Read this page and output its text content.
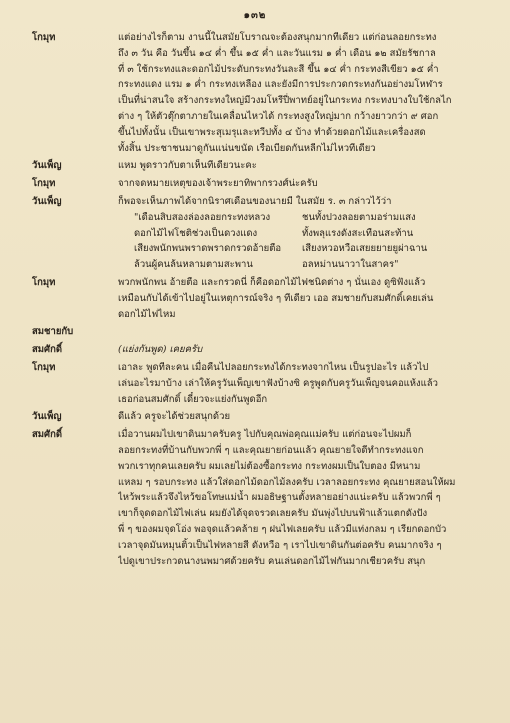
๑๓๒
โกมุท	แต่อย่างไรก็ตาม งานนี้ในสมัยโบราณจะต้องสนุกมากทีเดียว แต่ก่อนลอยกระทง
ถึง ๓ วัน คือ วันขึ้น ๑๔ ค่ำ ขึ้น ๑๕ ค่ำ และวันแรม ๑ ค่ำ เดือน ๑๒ สมัยรัชกาล
ที่ ๓ ใช้กระทงและดอกไม้ประดับกระทงวันละสี ขึ้น ๑๔ ค่ำ กระทงสีเขียว ๑๕ ค่ำ
กระทงแดง แรม ๑ ค่ำ กระทงเหลือง และยังมีการประกวดกระทงกันอย่างมโหฬาร
เป็นที่น่าสนใจ สร้างกระทงใหญ่มีวงมโหรีปี่พาทย์อยู่ในกระทง กระทงบางใบใช้กลไก
ต่าง ๆ ให้ตัวตุ๊กตาภายในเคลื่อนไหวได้ กระทงสูงใหญ่มาก กว้างยาวกว่า ๙ ศอก
ขึ้นไปทั้งนั้น เป็นเขาพระสุเมรุและทวีปทั้ง ๔ บ้าง ทำด้วยดอกไม้และเครื่องสด
ทั้งสิ้น ประชาชนมาดูกันแน่นขนัด เรือเบียดกันหลีกไม่ไหวทีเดียว
วันเพ็ญ	แหม พูดราวกับตาเห็นทีเดียวนะคะ
โกมุท	จากจดหมายเหตุของเจ้าพระยาทิพากรวงศ์น่ะครับ
วันเพ็ญ	ก็พอจะเห็นภาพได้จากนิราศเดือนของนายมี ในสมัย ร. ๓ กล่าวไว้ว่า
"เดือนสิบสองล่องลอยกระทงหลวง	ชนทั้งปวงลอยตามอร่ามแสง
ดอกไม้ไฟโชติช่วงเป็นดวงแดง	ทั้งพลุแรงดังสะเทือนสะท้าน
เสียงพนักพนพราดพราดกรวดอ้ายตือ	เสียงหวอหวือเสยยยายยูผ่าฉาน
ล้วนผู้คนล้นหลามตามสะพาน	อลหม่านนาวาในสาคร"
โกมุท	พวกพนักพน อ้ายตือ และกรวดนี่ ก็คือดอกไม้ไฟชนิดต่าง ๆ นั่นเอง ดูซิฟังแล้ว
เหมือนกับได้เข้าไปอยู่ในเหตุการณ์จริง ๆ ทีเดียว เออ สมชายกับสมศักดิ์เคยเล่น
ดอกไม้ไฟไหม
สมชายกับ

สมศักดิ์	(แย่งกันพูด) เคยครับ
โกมุท	เอาละ พูดทีละคน เมื่อคืนไปลอยกระทงได้กระทงจากไหน เป็นรูปอะไร แล้วไป
เล่นอะไรมาบ้าง เล่าให้ครูวันเพ็ญเขาฟังบ้างซิ ครูพูดกับครูวันเพ็ญจนคอแห้งแล้ว
เธอก่อนสมศักดิ์ เดี๋ยวจะแย่งกันพูดอีก
วันเพ็ญ	ดีแล้ว ครูจะได้ช่วยสนุกด้วย
สมศักดิ์	เมื่อวานผมไปเขาดินมาครับครู ไปกับคุณพ่อคุณแม่ครับ แต่ก่อนจะไปผมก็
ลอยกระทงที่บ้านกับพวกพี่ ๆ และคุณยายก่อนแล้ว คุณยายใจดีทำกระทงแจก
พวกเราทุกคนเลยครับ ผมเลยไม่ต้องซื้อกระทง กระทงผมเป็นใบตอง มีหนาม
แหลม ๆ รอบกระทง แล้วใส่ดอกไม้ดอกไม้ลงครับ เวลาลอยกระทง คุณยายสอนให้ผม
ไหว้พระแล้วจึงไหว้ขอโทษแม่น้ำ ผมอธิษฐานตั้งหลายอย่างแน่ะครับ แล้วพวกพี่ ๆ
เขาก็จุดดอกไม้ไฟเล่น ผมยังได้จุดจรวดเลยครับ มันพุ่งไปบนฟ้าแล้วแตกดังปัง
พี่ ๆ ของผมจุดโอ่ง พอจุดแล้วคล้าย ๆ ฝนไฟเลยครับ แล้วมีแท่งกลม ๆ เรียกดอกบัว
เวลาจุดมันหมุนติ้วเป็นไฟหลายสี ดังหวือ ๆ เราไปเขาดินกันต่อครับ คนมากจริง ๆ
ไปดูเขาประกวดนางนพมาศด้วยครับ คนเล่นดอกไม้ไฟกันมากเชียวครับ สนุก
